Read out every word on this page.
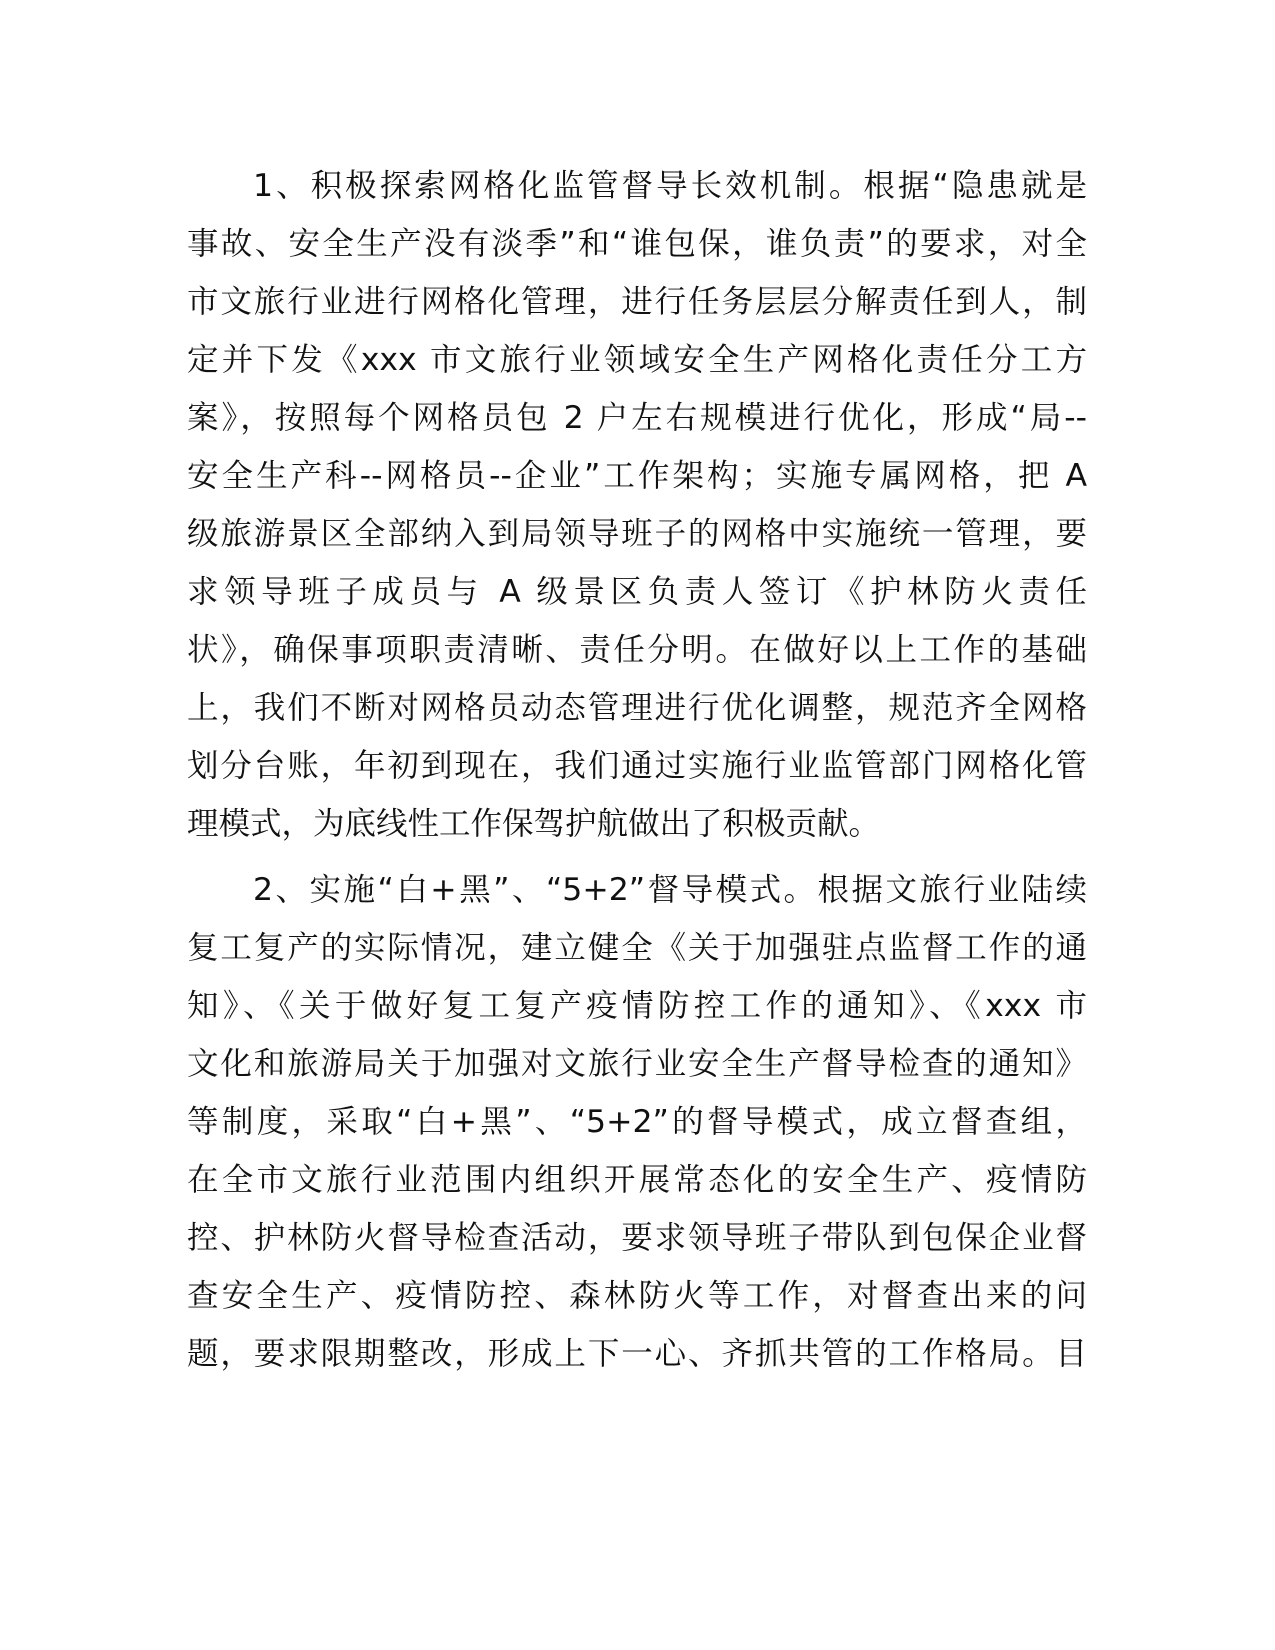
1、积极探索网格化监管督导长效机制。根据“隐患就是
事故、安全生产没有淡季”和“谁包保，谁负责”的要求，对全
市文旅行业进行网格化管理，进行任务层层分解责任到人，制
定并下发《xxx 市文旅行业领域安全生产网格化责任分工方
案》，按照每个网格员包 2 户左右规模进行优化，形成“局--
安全生产科--网格员--企业”工作架构；实施专属网格，把 A
级旅游景区全部纳入到局领导班子的网格中实施统一管理，要
求领导班子成员与 A 级景区负责人签订《护林防火责任
状》，确保事项职责清晰、责任分明。在做好以上工作的基础
上，我们不断对网格员动态管理进行优化调整，规范齐全网格
划分台账，年初到现在，我们通过实施行业监管部门网格化管
理模式，为底线性工作保驾护航做出了积极贡献。
2、实施“白+黑”、“5+2”督导模式。根据文旅行业陆续
复工复产的实际情况，建立健全《关于加强驻点监督工作的通
知》、《关于做好复工复产疫情防控工作的通知》、《xxx 市
文化和旅游局关于加强对文旅行业安全生产督导检查的通知》
等制度，采取“白+黑”、“5+2”的督导模式，成立督查组，
在全市文旅行业范围内组织开展常态化的安全生产、疫情防
控、护林防火督导检查活动，要求领导班子带队到包保企业督
查安全生产、疫情防控、森林防火等工作，对督查出来的问
题，要求限期整改，形成上下一心、齐抓共管的工作格局。目
